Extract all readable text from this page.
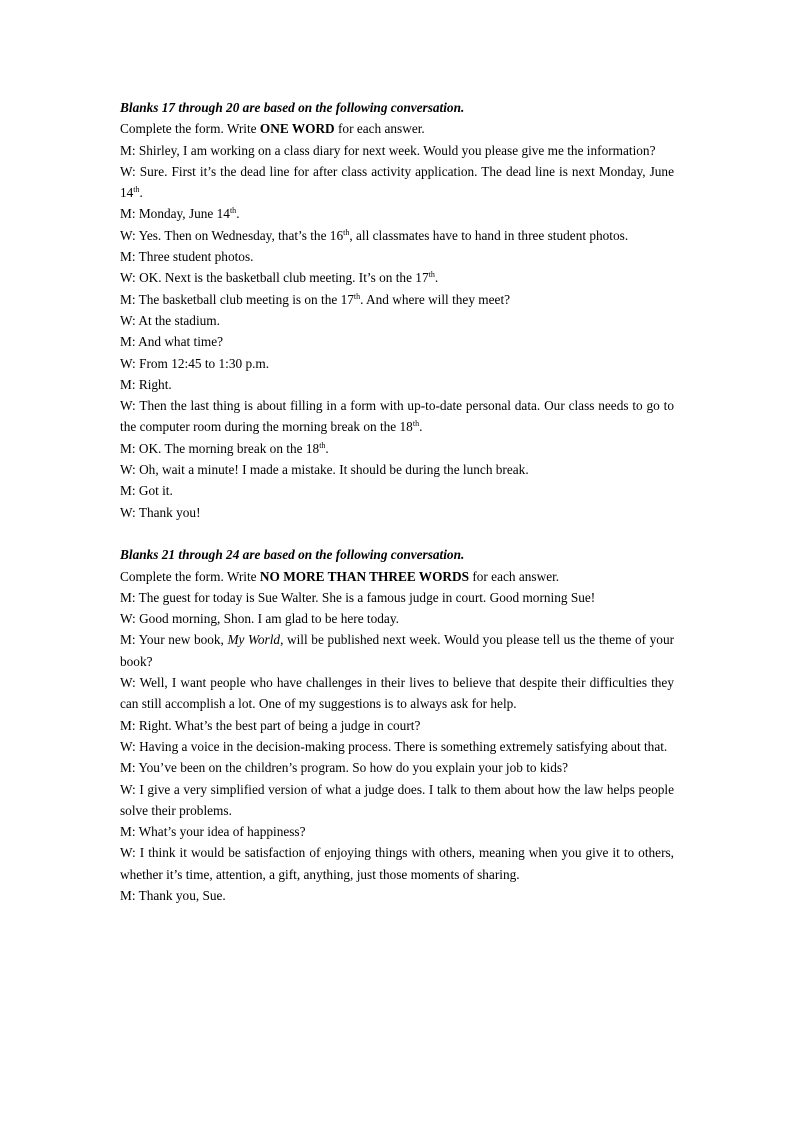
Blanks 17 through 20 are based on the following conversation.

Complete the form. Write ONE WORD for each answer.

M: Shirley, I am working on a class diary for next week. Would you please give me the information?

W: Sure. First it’s the dead line for after class activity application. The dead line is next Monday, June 14th.

M: Monday, June 14th.

W: Yes. Then on Wednesday, that’s the 16th, all classmates have to hand in three student photos.

M: Three student photos.

W: OK. Next is the basketball club meeting. It’s on the 17th.

M: The basketball club meeting is on the 17th. And where will they meet?

W: At the stadium.

M: And what time?

W: From 12:45 to 1:30 p.m.

M: Right.

W: Then the last thing is about filling in a form with up-to-date personal data. Our class needs to go to the computer room during the morning break on the 18th.

M: OK. The morning break on the 18th.

W: Oh, wait a minute! I made a mistake. It should be during the lunch break.

M: Got it.

W: Thank you!

Blanks 21 through 24 are based on the following conversation.

Complete the form. Write NO MORE THAN THREE WORDS for each answer.

M: The guest for today is Sue Walter. She is a famous judge in court. Good morning Sue!

W: Good morning, Shon. I am glad to be here today.

M: Your new book, My World, will be published next week. Would you please tell us the theme of your book?

W: Well, I want people who have challenges in their lives to believe that despite their difficulties they can still accomplish a lot. One of my suggestions is to always ask for help.

M: Right. What’s the best part of being a judge in court?

W: Having a voice in the decision-making process. There is something extremely satisfying about that.

M: You’ve been on the children’s program. So how do you explain your job to kids?

W: I give a very simplified version of what a judge does. I talk to them about how the law helps people solve their problems.

M: What’s your idea of happiness?

W: I think it would be satisfaction of enjoying things with others, meaning when you give it to others, whether it’s time, attention, a gift, anything, just those moments of sharing.

M: Thank you, Sue.
